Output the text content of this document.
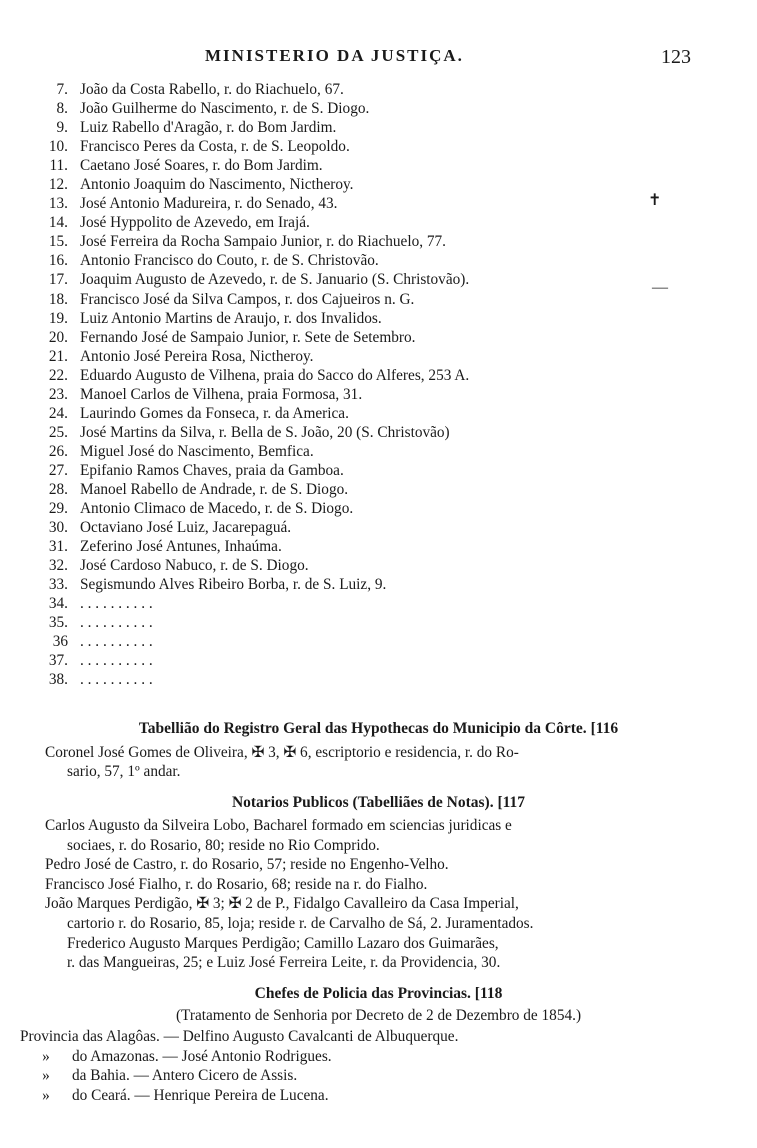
MINISTERIO DA JUSTIÇA.	123
7. João da Costa Rabello, r. do Riachuelo, 67.
8. João Guilherme do Nascimento, r. de S. Diogo.
9. Luiz Rabello d'Aragão, r. do Bom Jardim.
10. Francisco Peres da Costa, r. de S. Leopoldo.
11. Caetano José Soares, r. do Bom Jardim.
12. Antonio Joaquim do Nascimento, Nictheroy.
13. José Antonio Madureira, r. do Senado, 43.
14. José Hyppolito de Azevedo, em Irajá.
15. José Ferreira da Rocha Sampaio Junior, r. do Riachuelo, 77.
16. Antonio Francisco do Couto, r. de S. Christovão.
17. Joaquim Augusto de Azevedo, r. de S. Januario (S. Christovão).
18. Francisco José da Silva Campos, r. dos Cajueiros n. G.
19. Luiz Antonio Martins de Araujo, r. dos Invalidos.
20. Fernando José de Sampaio Junior, r. Sete de Setembro.
21. Antonio José Pereira Rosa, Nictheroy.
22. Eduardo Augusto de Vilhena, praia do Sacco do Alferes, 253 A.
23. Manoel Carlos de Vilhena, praia Formosa, 31.
24. Laurindo Gomes da Fonseca, r. da America.
25. José Martins da Silva, r. Bella de S. João, 20 (S. Christovão)
26. Miguel José do Nascimento, Bemfica.
27. Epifanio Ramos Chaves, praia da Gamboa.
28. Manoel Rabello de Andrade, r. de S. Diogo.
29. Antonio Climaco de Macedo, r. de S. Diogo.
30. Octaviano José Luiz, Jacarepaguá.
31. Zeferino José Antunes, Inhaúma.
32. José Cardoso Nabuco, r. de S. Diogo.
33. Segismundo Alves Ribeiro Borba, r. de S. Luiz, 9.
34. . . . . . . . . . .
35. . . . . . . . . . .
36 . . . . . . . . . .
37. . . . . . . . . . .
38. . . . . . . . . . .
✝
—
Tabellião do Registro Geral das Hypothecas do Municipio da Côrte. [116
Coronel José Gomes de Oliveira, ✠ 3, ✠ 6, escriptorio e residencia, r. do Ro-
sario, 57, 1º andar.
Notarios Publicos (Tabelliães de Notas). [117
Carlos Augusto da Silveira Lobo, Bacharel formado em sciencias juridicas e
sociaes, r. do Rosario, 80; reside no Rio Comprido.
Pedro José de Castro, r. do Rosario, 57; reside no Engenho-Velho.
Francisco José Fialho, r. do Rosario, 68; reside na r. do Fialho.
João Marques Perdigão, ✠ 3; ✠ 2 de P., Fidalgo Cavalleiro da Casa Imperial,
cartorio r. do Rosario, 85, loja; reside r. de Carvalho de Sá, 2. Juramentados.
Frederico Augusto Marques Perdigão; Camillo Lazaro dos Guimarães,
r. das Mangueiras, 25; e Luiz José Ferreira Leite, r. da Providencia, 30.
Chefes de Policia das Provincias. [118
(Tratamento de Senhoria por Decreto de 2 de Dezembro de 1854.)
Provincia das Alagôas. — Delfino Augusto Cavalcanti de Albuquerque.
» do Amazonas. — José Antonio Rodrigues.
» da Bahia. — Antero Cicero de Assis.
» do Ceará. — Henrique Pereira de Lucena.
